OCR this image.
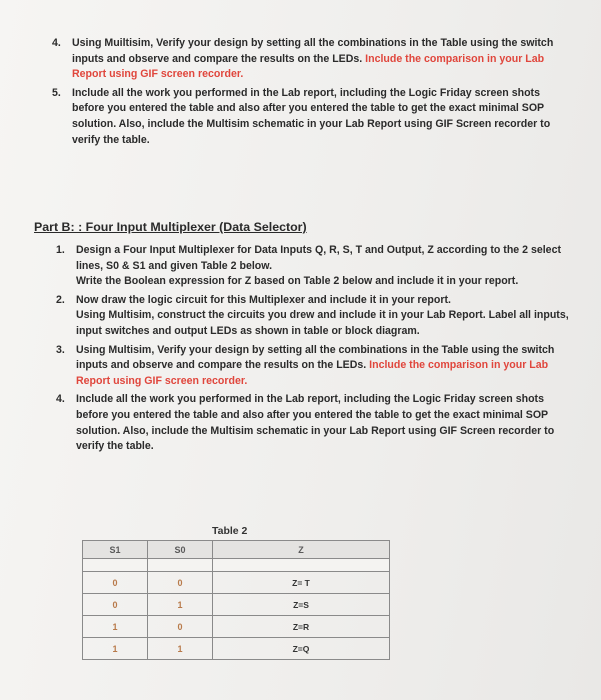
4. Using Muiltisim, Verify your design by setting all the combinations in the Table using the switch inputs and observe and compare the results on the LEDs. Include the comparison in your Lab Report using GIF screen recorder.
5. Include all the work you performed in the Lab report, including the Logic Friday screen shots before you entered the table and also after you entered the table to get the exact minimal SOP solution. Also, include the Multisim schematic in your Lab Report using GIF Screen recorder to verify the table.
Part B: : Four Input Multiplexer (Data Selector)
1. Design a Four Input Multiplexer for Data Inputs Q, R, S, T and Output, Z according to the 2 select lines, S0 & S1 and given Table 2 below.
Write the Boolean expression for Z based on Table 2 below and include it in your report.
2. Now draw the logic circuit for this Multiplexer and include it in your report.
Using Multisim, construct the circuits you drew and include it in your Lab Report. Label all inputs, input switches and output LEDs as shown in table or block diagram.
3. Using Multisim, Verify your design by setting all the combinations in the Table using the switch inputs and observe and compare the results on the LEDs. Include the comparison in your Lab Report using GIF screen recorder.
4. Include all the work you performed in the Lab report, including the Logic Friday screen shots before you entered the table and also after you entered the table to get the exact minimal SOP solution. Also, include the Multisim schematic in your Lab Report using GIF Screen recorder to verify the table.
Table 2
S1	S0	Z

0	0	Z= T
0	1	Z=S
1	0	Z=R
1	1	Z=Q
